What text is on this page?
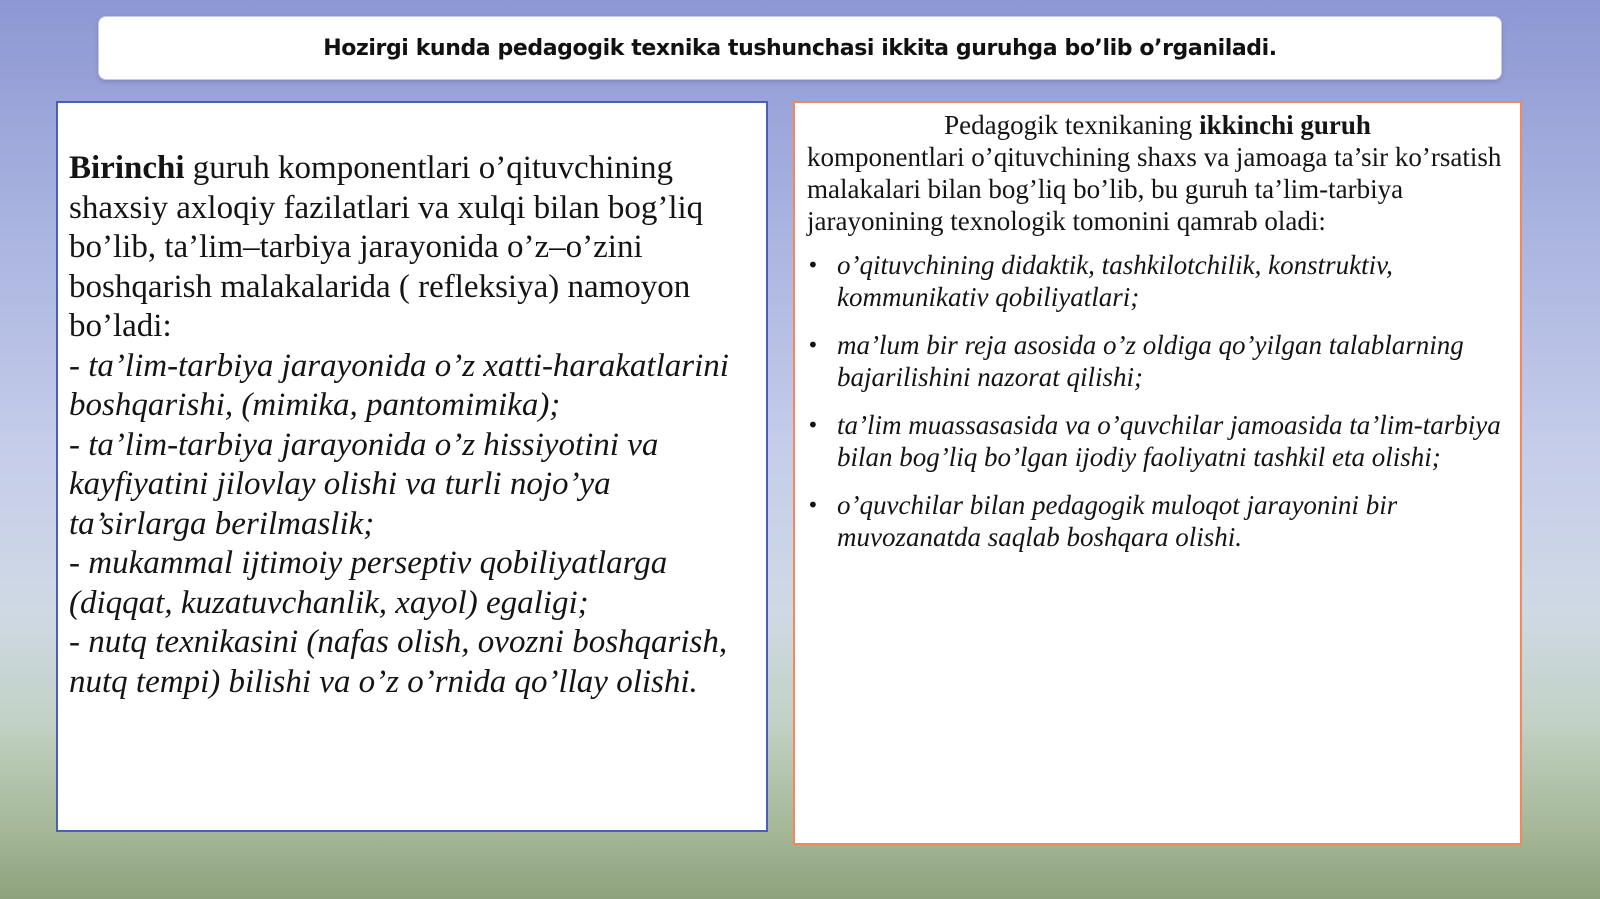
Hozirgi kunda pedagogik texnika tushunchasi ikkita guruhga bo’lib o’rganiladi.

Birinchi guruh komponentlari o’qituvchining shaxsiy axloqiy fazilatlari va xulqi bilan bog’liq bo’lib, ta’lim–tarbiya jarayonida o’z–o’zini boshqarish malakalarida ( refleksiya) namoyon bo’ladi:

- ta’lim-tarbiya jarayonida o’z xatti-harakatlarini boshqarishi, (mimika, pantomimika);

- ta’lim-tarbiya jarayonida o’z hissiyotini va kayfiyatini jilovlay olishi va turli nojo’ya ta’sirlarga berilmaslik;

- mukammal ijtimoiy perseptiv qobiliyatlarga (diqqat, kuzatuvchanlik, xayol) egaligi;

- nutq texnikasini (nafas olish, ovozni boshqarish, nutq tempi) bilishi va o’z o’rnida qo’llay olishi.

Pedagogik texnikaning ikkinchi guruh
komponentlari o’qituvchining shaxs va jamoaga ta’sir ko’rsatish malakalari bilan bog’liq bo’lib, bu guruh ta’lim-tarbiya jarayonining texnologik tomonini qamrab oladi:

• o’qituvchining didaktik, tashkilotchilik, konstruktiv, kommunikativ qobiliyatlari;
• ma’lum bir reja asosida o’z oldiga qo’yilgan talablarning bajarilishini nazorat qilishi;
• ta’lim muassasasida va o’quvchilar jamoasida ta’lim-tarbiya bilan bog’liq bo’lgan ijodiy faoliyatni tashkil eta olishi;
• o’quvchilar bilan pedagogik muloqot jarayonini bir muvozanatda saqlab boshqara olishi.
